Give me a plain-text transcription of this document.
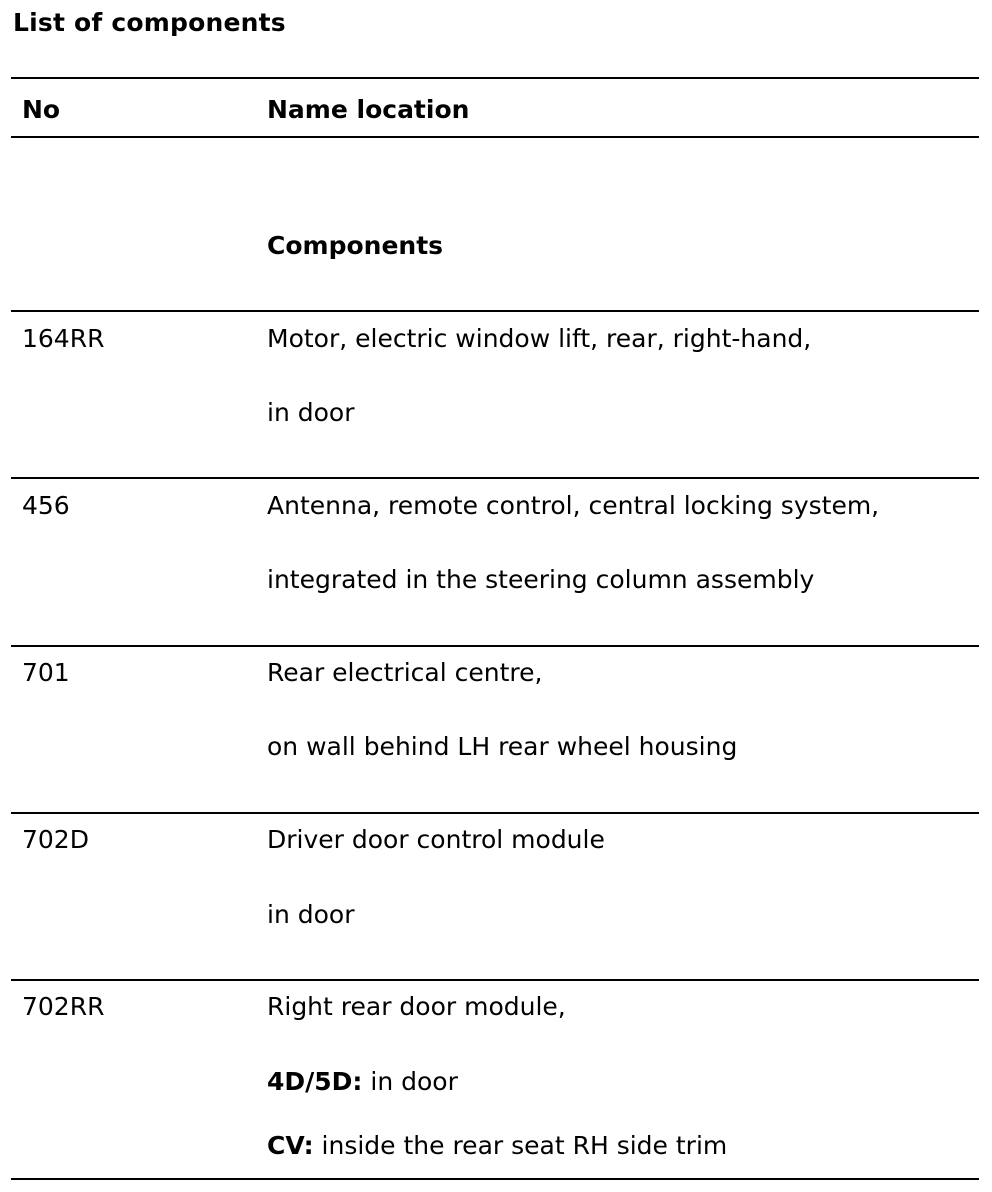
List of components
No	Name location
Components
164RR	Motor, electric window lift, rear, right-hand,
in door
456	Antenna, remote control, central locking system,
integrated in the steering column assembly
701	Rear electrical centre,
on wall behind LH rear wheel housing
702D	Driver door control module
in door
702RR	Right rear door module,
4D/5D: in door
CV: inside the rear seat RH side trim
